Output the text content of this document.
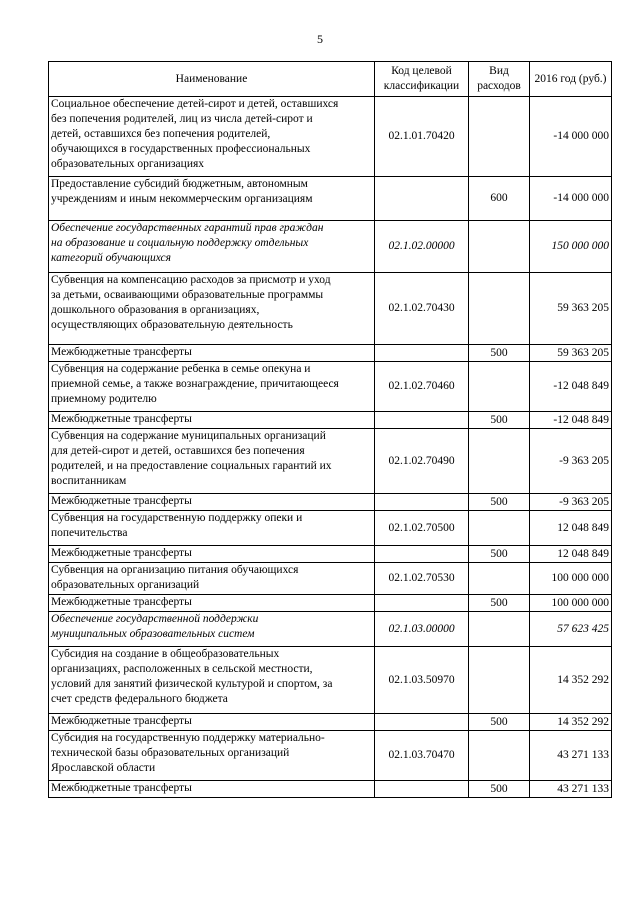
5
Наименование	Код целевой классификации	Вид расходов	2016 год (руб.)

Социальное обеспечение детей-сирот и детей, оставшихся
без попечения родителей, лиц из числа детей-сирот и
детей, оставшихся без попечения родителей,
обучающихся в государственных профессиональных
образовательных организациях	02.1.01.70420		-14 000 000

Предоставление субсидий бюджетным, автономным
учреждениям и иным некоммерческим организациям		600	-14 000 000

Обеспечение государственных гарантий прав граждан
на образование и социальную поддержку отдельных
категорий обучающихся	02.1.02.00000		150 000 000

Субвенция на компенсацию расходов за присмотр и уход
за детьми, осваивающими образовательные программы
дошкольного образования в организациях,
осуществляющих образовательную деятельность	02.1.02.70430		59 363 205

Межбюджетные трансферты		500	59 363 205

Субвенция на содержание ребенка в семье опекуна и
приемной семье, а также вознаграждение, причитающееся
приемному родителю	02.1.02.70460		-12 048 849

Межбюджетные трансферты		500	-12 048 849

Субвенция на содержание муниципальных организаций
для детей-сирот и детей, оставшихся без попечения
родителей, и на предоставление социальных гарантий их
воспитанникам	02.1.02.70490		-9 363 205

Межбюджетные трансферты		500	-9 363 205

Субвенция на государственную поддержку опеки и
попечительства	02.1.02.70500		12 048 849

Межбюджетные трансферты		500	12 048 849

Субвенция на организацию питания обучающихся
образовательных организаций	02.1.02.70530		100 000 000

Межбюджетные трансферты		500	100 000 000

Обеспечение государственной поддержки
муниципальных образовательных систем	02.1.03.00000		57 623 425

Субсидия на создание в общеобразовательных
организациях, расположенных в сельской местности,
условий для занятий физической культурой и спортом, за
счет средств федерального бюджета	02.1.03.50970		14 352 292

Межбюджетные трансферты		500	14 352 292

Субсидия на государственную поддержку материально-
технической базы образовательных организаций
Ярославской области	02.1.03.70470		43 271 133

Межбюджетные трансферты		500	43 271 133
